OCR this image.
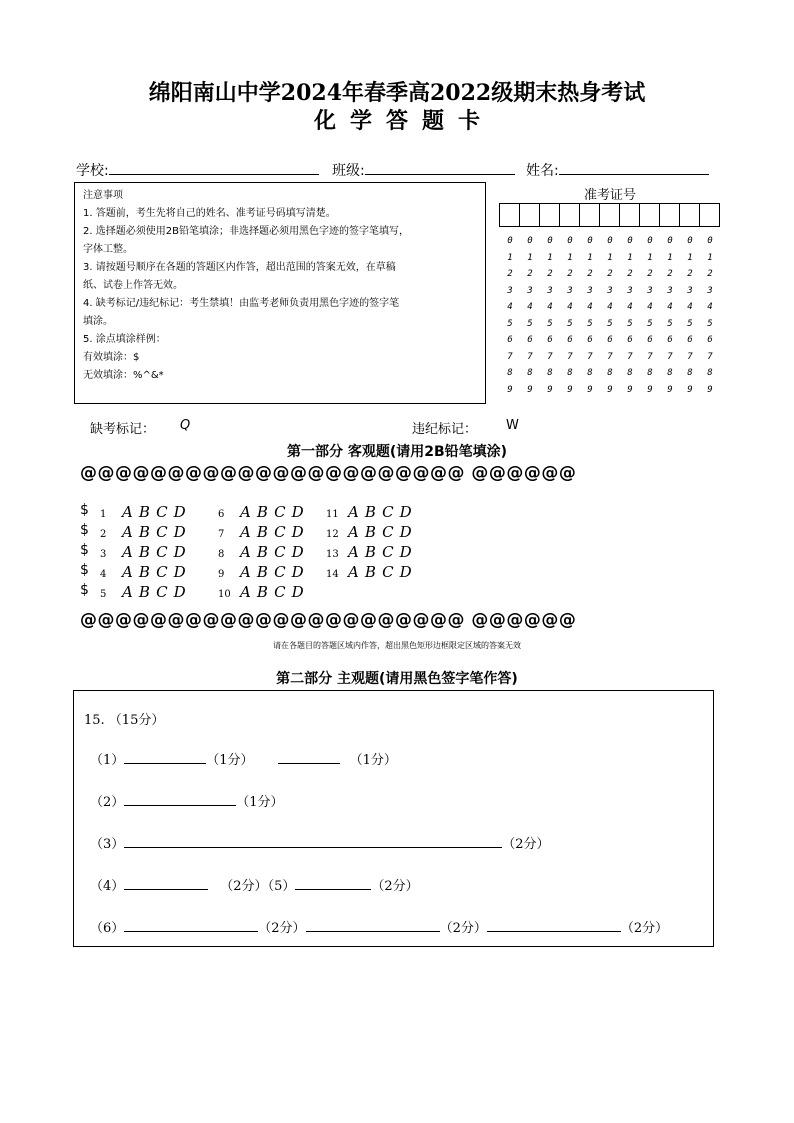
绵阳南山中学2024年春季高2022级期末热身考试
化学答题卡
学校:	班级:	姓名:

注意事项

1. 答题前，考生先将自己的姓名、准考证号码填写清楚。

2. 选择题必须使用2B铅笔填涂；非选择题必须用黑色字迹的签字笔填写，

字体工整。

3. 请按题号顺序在各题的答题区内作答，超出范围的答案无效，在草稿

纸、试卷上作答无效。

4. 缺考标记/违纪标记：考生禁填！由监考老师负责用黑色字迹的签字笔

填涂。

5. 涂点填涂样例：

有效填涂：$

无效填涂：%^&*

准考证号
0	0	0	0	0	0	0	0	0	0	0
1	1	1	1	1	1	1	1	1	1	1
2	2	2	2	2	2	2	2	2	2	2
3	3	3	3	3	3	3	3	3	3	3
4	4	4	4	4	4	4	4	4	4	4
5	5	5	5	5	5	5	5	5	5	5
6	6	6	6	6	6	6	6	6	6	6
7	7	7	7	7	7	7	7	7	7	7
8	8	8	8	8	8	8	8	8	8	8
9	9	9	9	9	9	9	9	9	9	9
缺考标记： Q	违纪标记： W
第一部分 客观题(请用2B铅笔填涂)
@@@@@@@@@@@@@@@@@@@@@@ @@@@@@
$
$
$
$
$
1	ABCD
2	ABCD
3	ABCD
4	ABCD
5	ABCD
6	ABCD
7	ABCD
8	ABCD
9	ABCD
10 ABCD
11 ABCD
12 ABCD
13 ABCD
14 ABCD
@@@@@@@@@@@@@@@@@@@@@@ @@@@@@
请在各题目的答题区域内作答，超出黑色矩形边框限定区域的答案无效
第二部分 主观题(请用黑色签字笔作答)
15. （15分）
（1）	（1分）	（1分）
（2）	（1分）
（3）	（2分）
（4）	（2分）（5）	（2分）
（6）	（2分）	（2分）	（2分）
